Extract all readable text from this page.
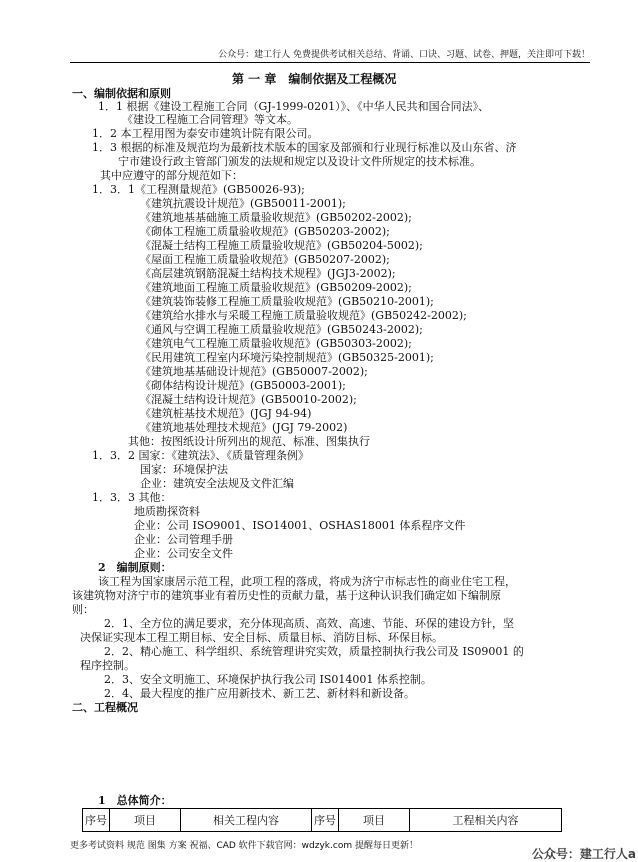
公众号：建工行人 免费提供考试相关总结、背诵、口诀、习题、试卷、押题，关注即可下载！
第 一 章　编制依据及工程概况
一、编制依据和原则
1．1 根据《建设工程施工合同（GJ-1999-0201）》、《中华人民共和国合同法》、
《建设工程施工合同管理》等文本。
1．2 本工程用图为泰安市建筑计院有限公司。
1．3 根据的标准及规范均为最新技术版本的国家及部颁和行业现行标准以及山东省、济
宁市建设行政主管部门颁发的法规和规定以及设计文件所规定的技术标准。
其中应遵守的部分规范如下：
1．3．1《工程测量规范》(GB50026-93);
《建筑抗震设计规范》(GB50011-2001);
《建筑地基基础施工质量验收规范》(GB50202-2002);
《砌体工程施工质量验收规范》(GB50203-2002);
《混凝土结构工程施工质量验收规范》(GB50204-5002);
《屋面工程施工质量验收规范》(GB50207-2002);
《高层建筑钢筋混凝土结构技术规程》(JGJ3-2002);
《建筑地面工程施工质量验收规范》(GB50209-2002);
《建筑装饰装修工程施工质量验收规范》(GB50210-2001);
《建筑给水排水与采暖工程施工质量验收规范》(GB50242-2002);
《通风与空调工程施工质量验收规范》(GB50243-2002);
《建筑电气工程施工质量验收规范》(GB50303-2002);
《民用建筑工程室内环境污染控制规范》(GB50325-2001);
《建筑地基基础设计规范》(GB50007-2002);
《砌体结构设计规范》(GB50003-2001);
《混凝土结构设计规范》(GB50010-2002);
《建筑桩基技术规范》(JGJ 94-94)
《建筑地基处理技术规范》(JGJ 79-2002)
其他：按图纸设计所列出的规范、标准、图集执行
1．3．2 国家：《建筑法》、《质量管理条例》
国家：环境保护法
企业：建筑安全法规及文件汇编
1．3．3 其他：
地质勘探资料
企业：公司 ISO9001、ISO14001、OSHAS18001 体系程序文件
企业：公司管理手册
企业：公司安全文件
2　编制原则：
该工程为国家康居示范工程，此项工程的落成，将成为济宁市标志性的商业住宅工程，
该建筑物对济宁市的建筑事业有着历史性的贡献力量，基于这种认识我们确定如下编制原
则：
2．1、全方位的满足要求，充分体现高质、高效、高速、节能、环保的建设方针，坚
决保证实现本工程工期目标、安全目标、质量目标、消防目标、环保目标。
2．2、精心施工、科学组织、系统管理讲究实效，质量控制执行我公司及 IS09001 的
程序控制。
2．3、安全文明施工、环境保护执行我公司 IS014001 体系控制。
2．4、最大程度的推广应用新技术、新工艺、新材料和新设备。
二、工程概况
1　总体简介：
序号	项目	相关工程内容	序号	项目	工程相关内容
更多考试资料 规范 图集 方案 祝福、CAD 软件下载官网：wdzyk.com 提醒每日更新！
公众号：建工行人a
